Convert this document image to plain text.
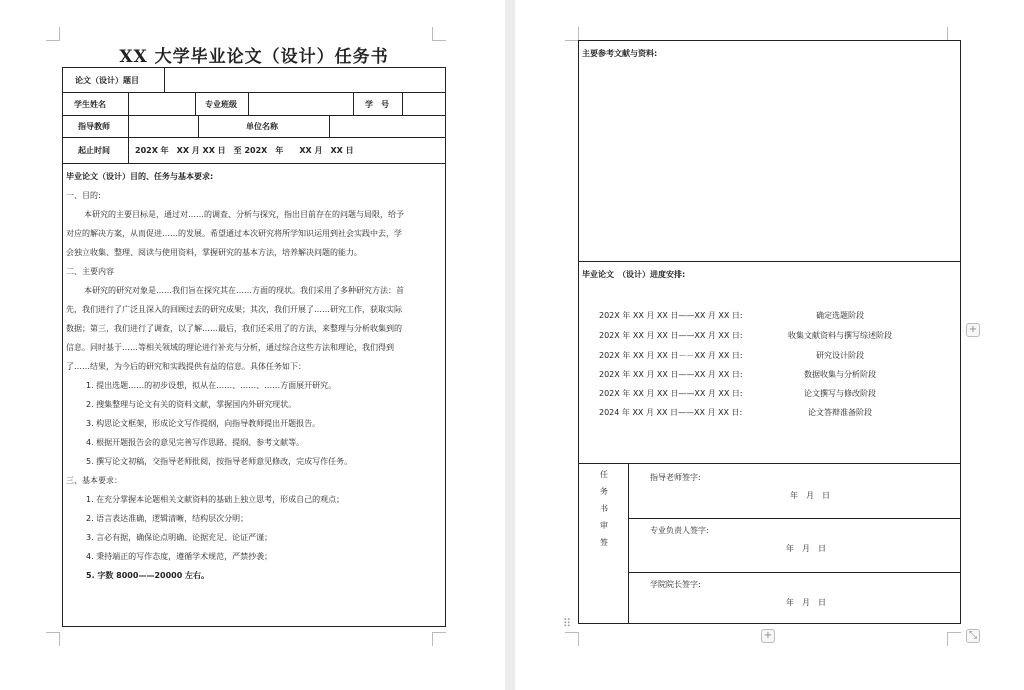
XX 大学毕业论文（设计）任务书
论文（设计）题目
学生姓名	专业班级	学　号
指导教师	单位名称
起止时间	202X 年　XX 月 XX 日　至 202X　年　　XX 月　XX 日
毕业论文（设计）目的、任务与基本要求:

一、目的:

本研究的主要目标是，通过对……的调查、分析与探究，指出目前存在的问题与局限，给予

对应的解决方案，从而促进……的发展。希望通过本次研究将所学知识运用到社会实践中去，学

会独立收集、整理、阅读与使用资料，掌握研究的基本方法，培养解决问题的能力。

二、主要内容

本研究的研究对象是……我们旨在探究其在……方面的现状。我们采用了多种研究方法：首

先，我们进行了广泛且深入的回顾过去的研究成果；其次，我们开展了……研究工作，获取实际

数据；第三，我们进行了调查，以了解……最后，我们还采用了的方法，来整理与分析收集到的

信息。同时基于……等相关领域的理论进行补充与分析，通过综合这些方法和理论，我们得到

了……结果，为今后的研究和实践提供有益的信息。具体任务如下：

1. 提出选题……的初步设想，拟从在……、……、……方面展开研究。

2. 搜集整理与论文有关的资料文献，掌握国内外研究现状。

3. 构思论文框架，形成论文写作提纲，向指导教师提出开题报告。

4. 根据开题报告会的意见完善写作思路、提纲、参考文献等。

5. 撰写论文初稿，交指导老师批阅，按指导老师意见修改，完成写作任务。

三、基本要求：

1. 在充分掌握本论题相关文献资料的基础上独立思考，形成自己的观点；

2. 语言表达准确，逻辑清晰，结构层次分明；

3. 言必有据，确保论点明确、论据充足、论证严谨；

4. 秉持端正的写作态度，遵循学术规范，严禁抄袭；

5. 字数 8000——20000 左右。

主要参考文献与资料:
毕业论文　（设计）进度安排:
202X 年 XX 月 XX 日——XX 月 XX 日:	确定选题阶段
202X 年 XX 月 XX 日——XX 月 XX 日:	收集文献资料与撰写综述阶段
202X 年 XX 月 XX 日－－XX 月 XX 日:	研究设计阶段
202X 年 XX 月 XX 日——XX 月 XX 日:	数据收集与分析阶段
202X 年 XX 月 XX 日——XX 月 XX 日:	论文撰写与修改阶段
2024 年 XX 月 XX 日——XX 月 XX 日:	论文答辩准备阶段
任
务
书
审
签
指导老师签字:
年　月　日
专业负责人签字:
年　月　日
学院院长签字:
年　月　日
+
+	⤡
⠿
